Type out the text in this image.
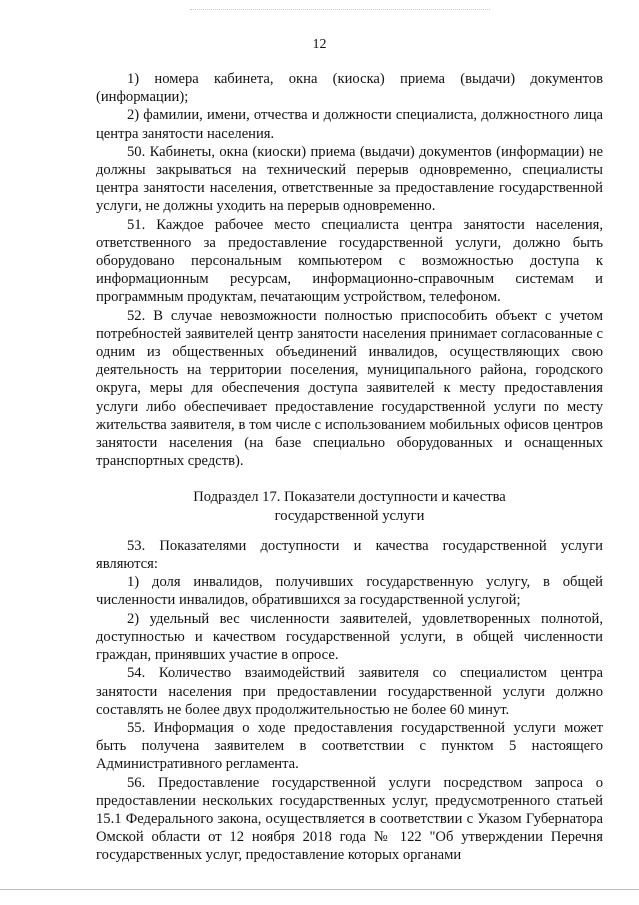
12

1) номера кабинета, окна (киоска) приема (выдачи) документов (информации);

2) фамилии, имени, отчества и должности специалиста, должностного лица центра занятости населения.

50. Кабинеты, окна (киоски) приема (выдачи) документов (информации) не должны закрываться на технический перерыв одновременно, специалисты центра занятости населения, ответственные за предоставление государственной услуги, не должны уходить на перерыв одновременно.

51. Каждое рабочее место специалиста центра занятости населения, ответственного за предоставление государственной услуги, должно быть оборудовано персональным компьютером с возможностью доступа к информационным ресурсам, информационно-справочным системам и программным продуктам, печатающим устройством, телефоном.

52. В случае невозможности полностью приспособить объект с учетом потребностей заявителей центр занятости населения принимает согласованные с одним из общественных объединений инвалидов, осуществляющих свою деятельность на территории поселения, муниципального района, городского округа, меры для обеспечения доступа заявителей к месту предоставления услуги либо обеспечивает предоставление государственной услуги по месту жительства заявителя, в том числе с использованием мобильных офисов центров занятости населения (на базе специально оборудованных и оснащенных транспортных средств).

Подраздел 17. Показатели доступности и качества
государственной услуги

53. Показателями доступности и качества государственной услуги являются:

1) доля инвалидов, получивших государственную услугу, в общей численности инвалидов, обратившихся за государственной услугой;

2) удельный вес численности заявителей, удовлетворенных полнотой, доступностью и качеством государственной услуги, в общей численности граждан, принявших участие в опросе.

54. Количество взаимодействий заявителя со специалистом центра занятости населения при предоставлении государственной услуги должно составлять не более двух продолжительностью не более 60 минут.

55. Информация о ходе предоставления государственной услуги может быть получена заявителем в соответствии с пунктом 5 настоящего Административного регламента.

56. Предоставление государственной услуги посредством запроса о предоставлении нескольких государственных услуг, предусмотренного статьей 15.1 Федерального закона, осуществляется в соответствии с Указом Губернатора Омской области от 12 ноября 2018 года № 122 "Об утверждении Перечня государственных услуг, предоставление которых органами
